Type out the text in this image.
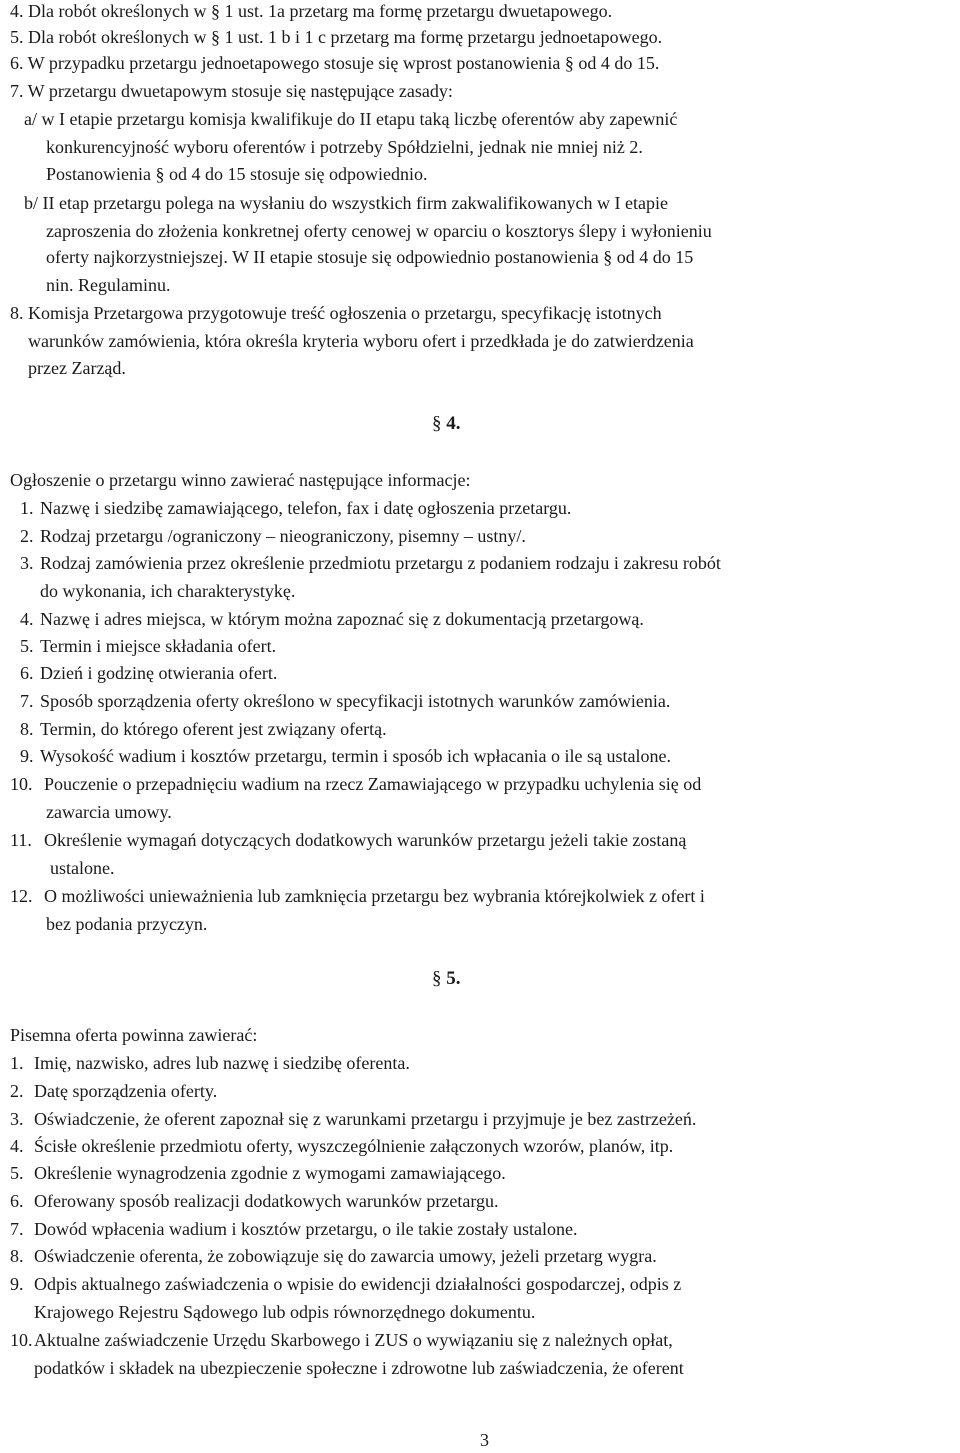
4. Dla robót określonych w § 1 ust. 1a przetarg ma formę przetargu dwuetapowego.
5. Dla robót określonych w § 1 ust. 1 b i 1 c przetarg ma formę przetargu jednoetapowego.
6. W przypadku przetargu jednoetapowego stosuje się wprost postanowienia § od 4 do 15.
7. W przetargu dwuetapowym stosuje się następujące zasady:
a/ w I etapie przetargu komisja kwalifikuje do II etapu taką liczbę oferentów aby zapewnić
konkurencyjność wyboru oferentów i potrzeby Spółdzielni, jednak nie mniej niż 2.
Postanowienia § od 4 do 15 stosuje się odpowiednio.
b/ II etap przetargu polega na wysłaniu do wszystkich firm zakwalifikowanych w I etapie
zaproszenia do złożenia konkretnej oferty cenowej w oparciu o kosztorys ślepy i wyłonieniu
oferty najkorzystniejszej. W II etapie stosuje się odpowiednio postanowienia § od 4 do 15
nin. Regulaminu.
8. Komisja Przetargowa przygotowuje treść ogłoszenia o przetargu, specyfikację istotnych
warunków zamówienia, która określa kryteria wyboru ofert i przedkłada je do zatwierdzenia
przez Zarząd.
§ 4.
Ogłoszenie o przetargu winno zawierać następujące informacje:
1. Nazwę i siedzibę zamawiającego, telefon, fax i datę ogłoszenia przetargu.
2. Rodzaj przetargu /ograniczony – nieograniczony, pisemny – ustny/.
3. Rodzaj zamówienia przez określenie przedmiotu przetargu z podaniem rodzaju i zakresu robót
do wykonania, ich charakterystykę.
4. Nazwę i adres miejsca, w którym można zapoznać się z dokumentacją przetargową.
5. Termin i miejsce składania ofert.
6. Dzień i godzinę otwierania ofert.
7. Sposób sporządzenia oferty określono w specyfikacji istotnych warunków zamówienia.
8. Termin, do którego oferent jest związany ofertą.
9. Wysokość wadium i kosztów przetargu, termin i sposób ich wpłacania o ile są ustalone.
10. Pouczenie o przepadnięciu wadium na rzecz Zamawiającego w przypadku uchylenia się od
zawarcia umowy.
11. Określenie wymagań dotyczących dodatkowych warunków przetargu jeżeli takie zostaną
ustalone.
12. O możliwości unieważnienia lub zamknięcia przetargu bez wybrania którejkolwiek z ofert i
bez podania przyczyn.
§ 5.
Pisemna oferta powinna zawierać:
1. Imię, nazwisko, adres lub nazwę i siedzibę oferenta.
2. Datę sporządzenia oferty.
3. Oświadczenie, że oferent zapoznał się z warunkami przetargu i przyjmuje je bez zastrzeżeń.
4. Ścisłe określenie przedmiotu oferty, wyszczególnienie załączonych wzorów, planów, itp.
5. Określenie wynagrodzenia zgodnie z wymogami zamawiającego.
6. Oferowany sposób realizacji dodatkowych warunków przetargu.
7. Dowód wpłacenia wadium i kosztów przetargu, o ile takie zostały ustalone.
8. Oświadczenie oferenta, że zobowiązuje się do zawarcia umowy, jeżeli przetarg wygra.
9. Odpis aktualnego zaświadczenia o wpisie do ewidencji działalności gospodarczej, odpis z
Krajowego Rejestru Sądowego lub odpis równorzędnego dokumentu.
10.Aktualne zaświadczenie Urzędu Skarbowego i ZUS o wywiązaniu się z należnych opłat,
podatków i składek na ubezpieczenie społeczne i zdrowotne lub zaświadczenia, że oferent
3
